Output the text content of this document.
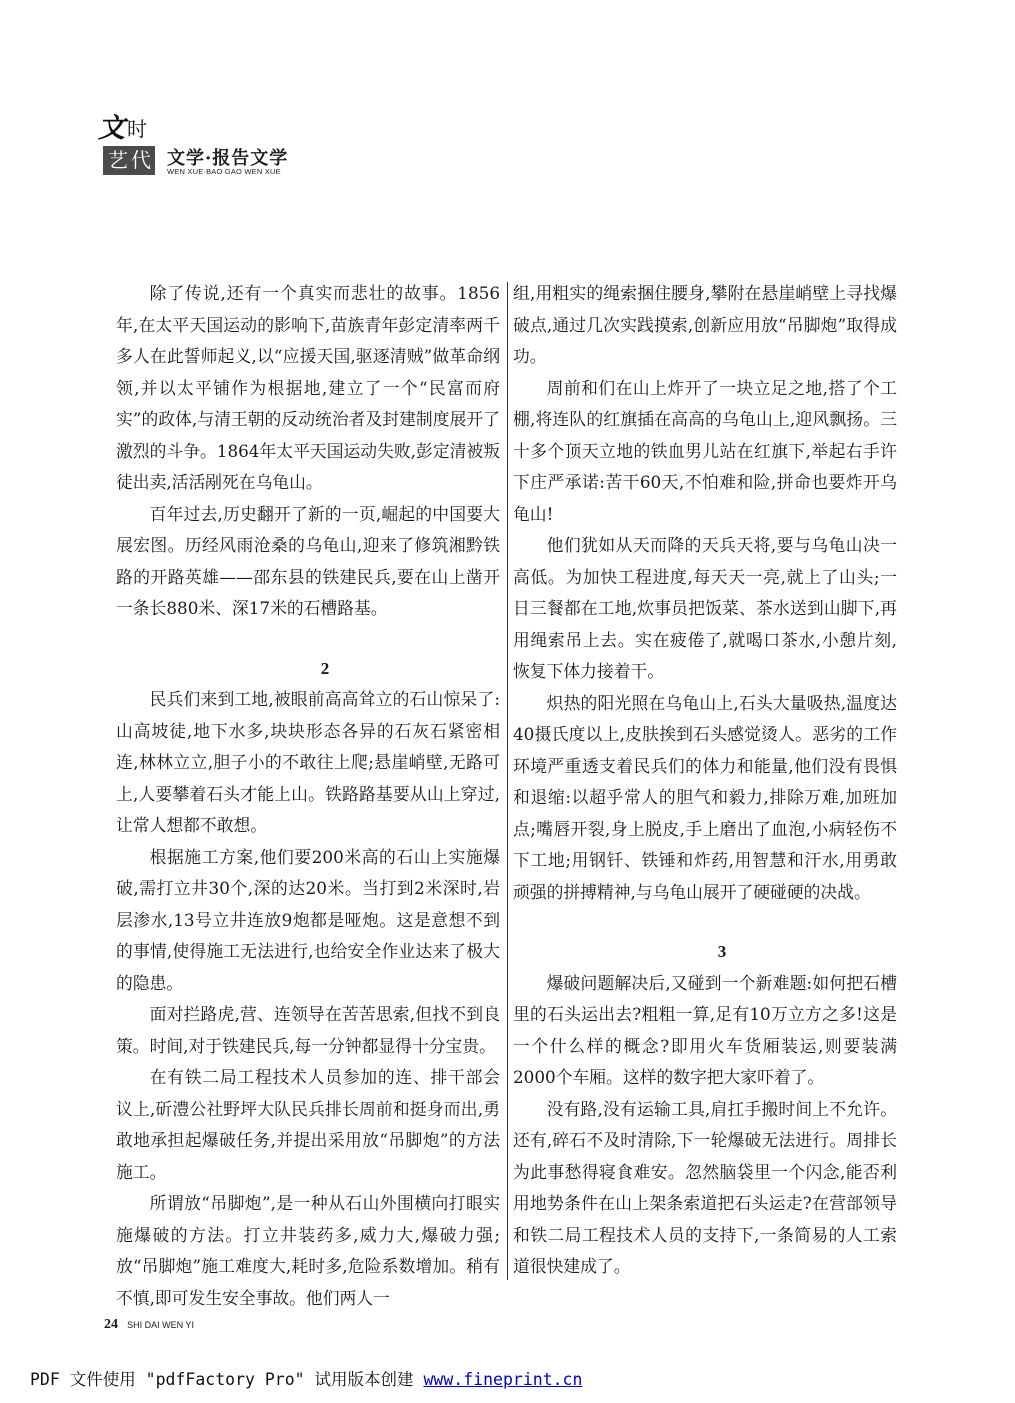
文 时
艺 代 文学·报告文学
WEN XUE·BAO GAO WEN XUE

除了传说,还有一个真实而悲壮的故事。1856年,在太平天国运动的影响下,苗族青年彭定清率两千多人在此誓师起义,以“应援天国,驱逐清贼”做革命纲领,并以太平铺作为根据地,建立了一个“民富而府实”的政体,与清王朝的反动统治者及封建制度展开了激烈的斗争。1864年太平天国运动失败,彭定清被叛徒出卖,活活剐死在乌龟山。

百年过去,历史翻开了新的一页,崛起的中国要大展宏图。历经风雨沧桑的乌龟山,迎来了修筑湘黔铁路的开路英雄——邵东县的铁建民兵,要在山上凿开一条长880米、深17米的石槽路基。

2

民兵们来到工地,被眼前高高耸立的石山惊呆了:山高坡徒,地下水多,块块形态各异的石灰石紧密相连,林林立立,胆子小的不敢往上爬;悬崖峭壁,无路可上,人要攀着石头才能上山。铁路路基要从山上穿过,让常人想都不敢想。

根据施工方案,他们要200米高的石山上实施爆破,需打立井30个,深的达20米。当打到2米深时,岩层渗水,13号立井连放9炮都是哑炮。这是意想不到的事情,使得施工无法进行,也给安全作业达来了极大的隐患。

面对拦路虎,营、连领导在苦苦思索,但找不到良策。时间,对于铁建民兵,每一分钟都显得十分宝贵。

在有铁二局工程技术人员参加的连、排干部会议上,斫澧公社野坪大队民兵排长周前和挺身而出,勇敢地承担起爆破任务,并提出采用放“吊脚炮”的方法施工。

所谓放“吊脚炮”,是一种从石山外围横向打眼实施爆破的方法。打立井装药多,威力大,爆破力强;放“吊脚炮”施工难度大,耗时多,危险系数增加。稍有不慎,即可发生安全事故。他们两人一

组,用粗实的绳索捆住腰身,攀附在悬崖峭壁上寻找爆破点,通过几次实践摸索,创新应用放“吊脚炮”取得成功。

周前和们在山上炸开了一块立足之地,搭了个工棚,将连队的红旗插在高高的乌龟山上,迎风飘扬。三十多个顶天立地的铁血男儿站在红旗下,举起右手许下庄严承诺:苦干60天,不怕难和险,拼命也要炸开乌龟山!

他们犹如从天而降的天兵天将,要与乌龟山决一高低。为加快工程进度,每天天一亮,就上了山头;一日三餐都在工地,炊事员把饭菜、茶水送到山脚下,再用绳索吊上去。实在疲倦了,就喝口茶水,小憩片刻,恢复下体力接着干。

炽热的阳光照在乌龟山上,石头大量吸热,温度达40摄氏度以上,皮肤挨到石头感觉烫人。恶劣的工作环境严重透支着民兵们的体力和能量,他们没有畏惧和退缩:以超乎常人的胆气和毅力,排除万难,加班加点;嘴唇开裂,身上脱皮,手上磨出了血泡,小病轻伤不下工地;用钢钎、铁锤和炸药,用智慧和汗水,用勇敢顽强的拼搏精神,与乌龟山展开了硬碰硬的决战。

3

爆破问题解决后,又碰到一个新难题:如何把石槽里的石头运出去?粗粗一算,足有10万立方之多!这是一个什么样的概念?即用火车货厢装运,则要装满2000个车厢。这样的数字把大家吓着了。

没有路,没有运输工具,肩扛手搬时间上不允许。还有,碎石不及时清除,下一轮爆破无法进行。周排长为此事愁得寝食难安。忽然脑袋里一个闪念,能否利用地势条件在山上架条索道把石头运走?在营部领导和铁二局工程技术人员的支持下,一条简易的人工索道很快建成了。

24 SHI DAI WEN YI
PDF 文件使用 "pdfFactory Pro" 试用版本创建 www.fineprint.cn
